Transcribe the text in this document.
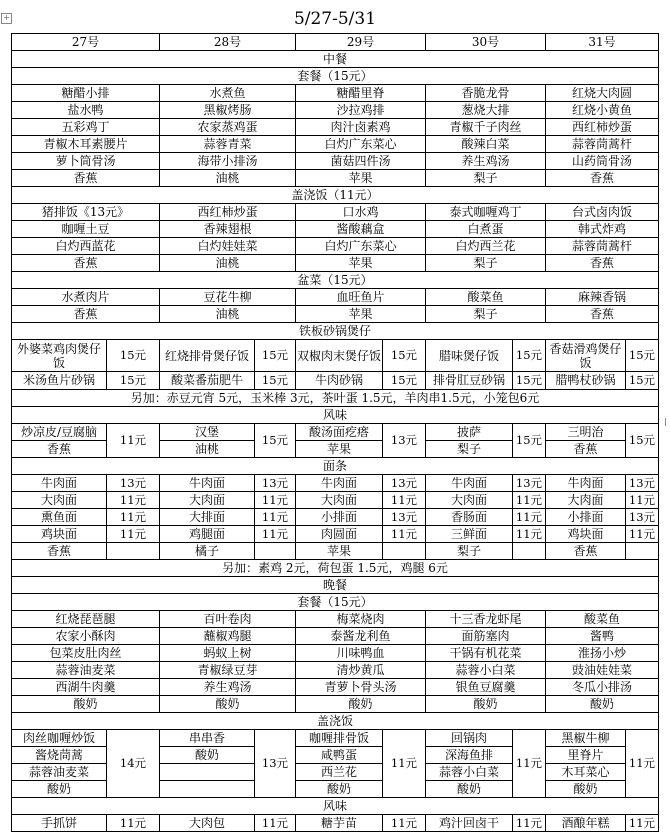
+	5/27-5/31
27号		28号		29号		30号		31号	
中餐									
套餐（15元）									
糖醋小排		水煮鱼		糖醋里脊		香脆龙骨		红烧大肉圆	
盐水鸭		黑椒烤肠		沙拉鸡排		葱烧大排		红烧小黄鱼	
五彩鸡丁		农家蒸鸡蛋		肉汁卤素鸡		青椒千子肉丝		西红柿炒蛋	
青椒木耳素腰片		蒜蓉青菜		白灼广东菜心		酸辣白菜		蒜蓉茼蒿杆	
萝卜筒骨汤		海带小排汤		菌菇四件汤		养生鸡汤		山药筒骨汤	
香蕉		油桃		苹果		梨子		香蕉	
盖浇饭（11元）									
猪排饭《13元》		西红柿炒蛋		口水鸡		泰式咖喱鸡丁		台式卤肉饭	
咖喱土豆		香辣翅根		酱酸藕盒		白煮蛋		韩式炸鸡	
白灼西蓝花		白灼娃娃菜		白灼广东菜心		白灼西兰花		蒜蓉茼蒿杆	
香蕉		油桃		苹果		梨子		香蕉	
盆菜（15元）									
水煮肉片		豆花牛柳		血旺鱼片		酸菜鱼		麻辣香锅	
香蕉		油桃		苹果		梨子		香蕉	
铁板砂锅煲仔									
外婆菜鸡肉煲仔饭	15元	红烧排骨煲仔饭	15元	双椒肉末煲仔饭	15元	腊味煲仔饭	15元	香菇滑鸡煲仔饭	15元
米汤鱼片砂锅	15元	酸菜番茄肥牛	15元	牛肉砂锅	15元	排骨肛豆砂锅	15元	腊鸭杖砂锅	15元
另加：赤豆元宵 5元，玉米棒 3元，茶叶蛋 1.5元，羊肉串1.5元，小笼包6元									
风味									
炒凉皮/豆腐脑	11元	汉堡	15元	酸汤面疙瘩	13元	披萨	15元	三明治	15元
香蕉		油桃		苹果		梨子		香蕉	
面条									
牛肉面	13元	牛肉面	13元	牛肉面	13元	牛肉面	13元	牛肉面	13元
大肉面	11元	大肉面	11元	大肉面	11元	大肉面	11元	大肉面	11元
熏鱼面	11元	大排面	11元	小排面	13元	香肠面	11元	小排面	13元
鸡块面	11元	鸡腿面	11元	肉圆面	11元	三鲜面	11元	鸡块面	11元
香蕉		橘子		苹果		梨子		香蕉	
另加：素鸡 2元，荷包蛋 1.5元，鸡腿 6元									
晚餐									
套餐（15元）									
红烧琵琶腿		百叶卷肉		梅菜烧肉		十三香龙虾尾		酸菜鱼	
农家小酥肉		蘸椒鸡腿		泰酱龙利鱼		面筋塞肉		酱鸭	
包菜皮肚肉丝		蚂蚁上树		川味鸭血		干锅有机花菜		淮扬小炒	
蒜蓉油麦菜		青椒绿豆芽		清炒黄瓜		蒜蓉小白菜		豉油娃娃菜	
西湖牛肉羹		养生鸡汤		青萝卜骨头汤		银鱼豆腐羹		冬瓜小排汤	
酸奶		酸奶		酸奶		酸奶		酸奶	
盖浇饭									
肉丝咖喱炒饭	14元	串串香	13元	咖喱排骨饭	11元	回锅肉	11元	黑椒牛柳	11元
酱烧茼蒿		酸奶		咸鸭蛋		深海鱼排		里脊片	
蒜蓉油麦菜				西兰花		蒜蓉小白菜		木耳菜心	
酸奶				酸奶		酸奶		酸奶	
风味									
手抓饼	11元	大肉包	11元	糖芋苗	11元	鸡汁回卤干	11元	酒酿年糕	11元
